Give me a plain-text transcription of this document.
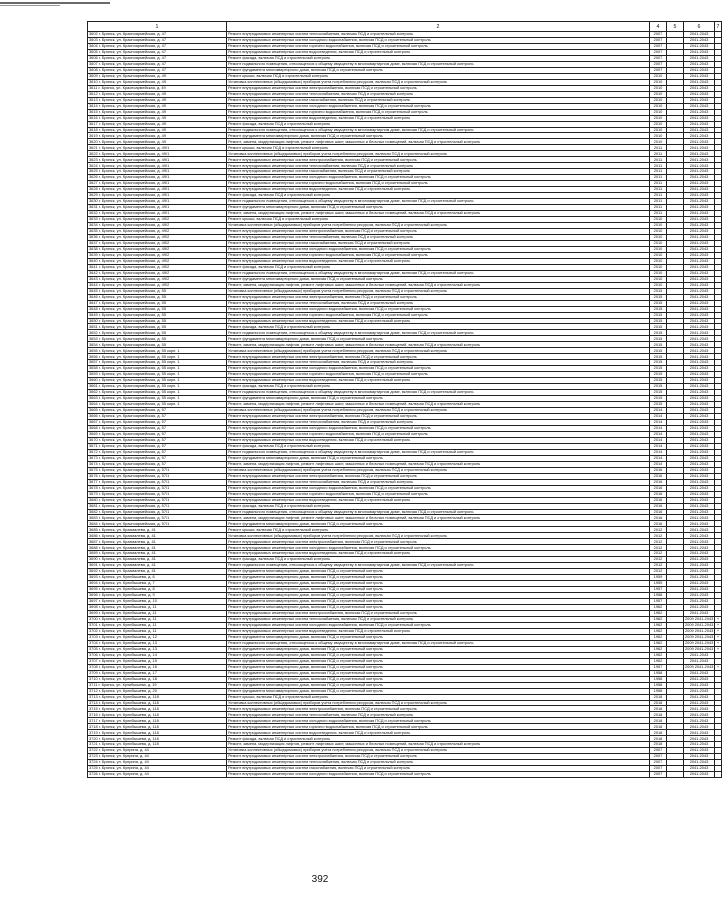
1	2	4	5	6	7
3602 г. Брянск, ул. Красноармейская, д. 47	Ремонт внутридомовых инженерных систем теплоснабжения, включая ПСД и строительный контроль	2007		2041-2043	
3603 г. Брянск, ул. Красноармейская, д. 47	Ремонт внутридомовых инженерных систем холодного водоснабжения, включая ПСД и строительный контроль	2007		2041-2043	
3604 г. Брянск, ул. Красноармейская, д. 47	Ремонт внутридомовых инженерных систем горячего водоснабжения, включая ПСД и строительный контроль	2007		2041-2043	
3605 г. Брянск, ул. Красноармейская, д. 47	Ремонт внутридомовых инженерных систем водоотведения, включая ПСД и строительный контроль	2007		2041-2043	
3606 г. Брянск, ул. Красноармейская, д. 47	Ремонт фасада, включая ПСД и строительный контроль	2007		2041-2043	
3607 г. Брянск, ул. Красноармейская, д. 47	Ремонт подвального помещения, относящегося к общему имуществу в многоквартирном доме, включая ПСД и строительный контроль	2007		2041-2043	
3608 г. Брянск, ул. Красноармейская, д. 47	Ремонт фундамента многоквартирного дома, включая ПСД и строительный контроль	2007		2041-2043	
3609 г. Брянск, ул. Красноармейская, д. 49	Ремонт крыши, включая ПСД и строительный контроль	2010		2041-2043	
3610 г. Брянск, ул. Красноармейская, д. 49	Установка коллективных (общедомовых) приборов учета потребления ресурсов, включая ПСД и строительный контроль	2010		2041-2043	
3611 г. Брянск, ул. Красноармейская, д. 49	Ремонт внутридомовых инженерных систем электроснабжения, включая ПСД и строительный контроль	2010		2041-2043	
3612 г. Брянск, ул. Красноармейская, д. 49	Ремонт внутридомовых инженерных систем теплоснабжения, включая ПСД и строительный контроль	2010		2041-2043	
3613 г. Брянск, ул. Красноармейская, д. 49	Ремонт внутридомовых инженерных систем газоснабжения, включая ПСД и строительный контроль	2010		2041-2043	
3614 г. Брянск, ул. Красноармейская, д. 49	Ремонт внутридомовых инженерных систем холодного водоснабжения, включая ПСД и строительный контроль	2010		2041-2043	
3615 г. Брянск, ул. Красноармейская, д. 49	Ремонт внутридомовых инженерных систем горячего водоснабжения, включая ПСД и строительный контроль	2010		2041-2043	
3616 г. Брянск, ул. Красноармейская, д. 49	Ремонт внутридомовых инженерных систем водоотведения, включая ПСД и строительный контроль	2010		2041-2043	
3617 г. Брянск, ул. Красноармейская, д. 49	Ремонт фасада, включая ПСД и строительный контроль	2010		2041-2043	
3618 г. Брянск, ул. Красноармейская, д. 49	Ремонт подвального помещения, относящегося к общему имуществу в многоквартирном доме, включая ПСД и строительный контроль	2010		2041-2043	
3619 г. Брянск, ул. Красноармейская, д. 49	Ремонт фундамента многоквартирного дома, включая ПСД и строительный контроль	2010		2041-2043	
3620 г. Брянск, ул. Красноармейская, д. 49	Ремонт, замена, модернизация лифтов, ремонт лифтовых шахт, машинных и блочных помещений, включая ПСД и строительный контроль	2010		2041-2043	
3621 г. Брянск, ул. Красноармейская, д. 49/1	Ремонт крыши, включая ПСД и строительный контроль	2011		2041-2043	
3622 г. Брянск, ул. Красноармейская, д. 49/1	Установка коллективных (общедомовых) приборов учета потребления ресурсов, включая ПСД и строительный контроль	2011		2041-2043	
3623 г. Брянск, ул. Красноармейская, д. 49/1	Ремонт внутридомовых инженерных систем электроснабжения, включая ПСД и строительный контроль	2011		2041-2043	
3624 г. Брянск, ул. Красноармейская, д. 49/1	Ремонт внутридомовых инженерных систем теплоснабжения, включая ПСД и строительный контроль	2011		2041-2043	
3625 г. Брянск, ул. Красноармейская, д. 49/1	Ремонт внутридомовых инженерных систем газоснабжения, включая ПСД и строительный контроль	2011		2041-2043	
3626 г. Брянск, ул. Красноармейская, д. 49/1	Ремонт внутридомовых инженерных систем холодного водоснабжения, включая ПСД и строительный контроль	2011		2041-2043	
3627 г. Брянск, ул. Красноармейская, д. 49/1	Ремонт внутридомовых инженерных систем горячего водоснабжения, включая ПСД и строительный контроль	2011		2041-2043	
3628 г. Брянск, ул. Красноармейская, д. 49/1	Ремонт внутридомовых инженерных систем водоотведения, включая ПСД и строительный контроль	2011		2041-2043	
3629 г. Брянск, ул. Красноармейская, д. 49/1	Ремонт фасада, включая ПСД и строительный контроль	2011		2041-2043	
3630 г. Брянск, ул. Красноармейская, д. 49/1	Ремонт подвального помещения, относящегося к общему имуществу в многоквартирном доме, включая ПСД и строительный контроль	2011		2041-2043	
3631 г. Брянск, ул. Красноармейская, д. 49/1	Ремонт фундамента многоквартирного дома, включая ПСД и строительный контроль	2011		2041-2043	
3632 г. Брянск, ул. Красноармейская, д. 49/1	Ремонт, замена, модернизация лифтов, ремонт лифтовых шахт, машинных и блочных помещений, включая ПСД и строительный контроль	2011		2041-2043	
3633 г. Брянск, ул. Красноармейская, д. 49/2	Ремонт крыши, включая ПСД и строительный контроль	2010		2041-2043	
3634 г. Брянск, ул. Красноармейская, д. 49/2	Установка коллективных (общедомовых) приборов учета потребления ресурсов, включая ПСД и строительный контроль	2010		2041-2043	
3635 г. Брянск, ул. Красноармейская, д. 49/2	Ремонт внутридомовых инженерных систем электроснабжения, включая ПСД и строительный контроль	2010		2041-2043	
3636 г. Брянск, ул. Красноармейская, д. 49/2	Ремонт внутридомовых инженерных систем теплоснабжения, включая ПСД и строительный контроль	2010		2041-2043	
3637 г. Брянск, ул. Красноармейская, д. 49/2	Ремонт внутридомовых инженерных систем газоснабжения, включая ПСД и строительный контроль	2010		2041-2043	
3638 г. Брянск, ул. Красноармейская, д. 49/2	Ремонт внутридомовых инженерных систем холодного водоснабжения, включая ПСД и строительный контроль	2010		2041-2043	
3639 г. Брянск, ул. Красноармейская, д. 49/2	Ремонт внутридомовых инженерных систем горячего водоснабжения, включая ПСД и строительный контроль	2010		2041-2043	
3640 г. Брянск, ул. Красноармейская, д. 49/2	Ремонт внутридомовых инженерных систем водоотведения, включая ПСД и строительный контроль	2010		2041-2043	
3641 г. Брянск, ул. Красноармейская, д. 49/2	Ремонт фасада, включая ПСД и строительный контроль	2010		2041-2043	
3642 г. Брянск, ул. Красноармейская, д. 49/2	Ремонт подвального помещения, относящегося к общему имуществу в многоквартирном доме, включая ПСД и строительный контроль	2010		2041-2043	
3643 г. Брянск, ул. Красноармейская, д. 49/2	Ремонт фундамента многоквартирного дома, включая ПСД и строительный контроль	2010		2041-2043	
3644 г. Брянск, ул. Красноармейская, д. 49/2	Ремонт, замена, модернизация лифтов, ремонт лифтовых шахт, машинных и блочных помещений, включая ПСД и строительный контроль	2010		2041-2043	
3645 г. Брянск, ул. Красноармейская, д. 55	Установка коллективных (общедомовых) приборов учета потребления ресурсов, включая ПСД и строительный контроль	2015		2041-2043	
3646 г. Брянск, ул. Красноармейская, д. 55	Ремонт внутридомовых инженерных систем электроснабжения, включая ПСД и строительный контроль	2015		2041-2043	
3647 г. Брянск, ул. Красноармейская, д. 55	Ремонт внутридомовых инженерных систем теплоснабжения, включая ПСД и строительный контроль	2015		2041-2043	
3648 г. Брянск, ул. Красноармейская, д. 55	Ремонт внутридомовых инженерных систем холодного водоснабжения, включая ПСД и строительный контроль	2015		2041-2043	
3649 г. Брянск, ул. Красноармейская, д. 55	Ремонт внутридомовых инженерных систем горячего водоснабжения, включая ПСД и строительный контроль	2015		2041-2043	
3650 г. Брянск, ул. Красноармейская, д. 55	Ремонт внутридомовых инженерных систем водоотведения, включая ПСД и строительный контроль	2015		2041-2043	
3651 г. Брянск, ул. Красноармейская, д. 55	Ремонт фасада, включая ПСД и строительный контроль	2015		2041-2043	
3652 г. Брянск, ул. Красноармейская, д. 55	Ремонт подвального помещения, относящегося к общему имуществу в многоквартирном доме, включая ПСД и строительный контроль	2015		2041-2043	
3653 г. Брянск, ул. Красноармейская, д. 55	Ремонт фундамента многоквартирного дома, включая ПСД и строительный контроль	2015		2041-2043	
3654 г. Брянск, ул. Красноармейская, д. 55	Ремонт, замена, модернизация лифтов, ремонт лифтовых шахт, машинных и блочных помещений, включая ПСД и строительный контроль	2015		2041-2043	
3655 г. Брянск, ул. Красноармейская, д. 55 корп. 1	Установка коллективных (общедомовых) приборов учета потребления ресурсов, включая ПСД и строительный контроль	2015		2041-2043	
3656 г. Брянск, ул. Красноармейская, д. 55 корп. 1	Ремонт внутридомовых инженерных систем электроснабжения, включая ПСД и строительный контроль	2015		2041-2043	
3657 г. Брянск, ул. Красноармейская, д. 55 корп. 1	Ремонт внутридомовых инженерных систем теплоснабжения, включая ПСД и строительный контроль	2015		2041-2043	
3658 г. Брянск, ул. Красноармейская, д. 55 корп. 1	Ремонт внутридомовых инженерных систем холодного водоснабжения, включая ПСД и строительный контроль	2015		2041-2043	
3659 г. Брянск, ул. Красноармейская, д. 55 корп. 1	Ремонт внутридомовых инженерных систем горячего водоснабжения, включая ПСД и строительный контроль	2015		2041-2043	
3660 г. Брянск, ул. Красноармейская, д. 55 корп. 1	Ремонт внутридомовых инженерных систем водоотведения, включая ПСД и строительный контроль	2015		2041-2043	
3661 г. Брянск, ул. Красноармейская, д. 55 корп. 1	Ремонт фасада, включая ПСД и строительный контроль	2015		2041-2043	
3662 г. Брянск, ул. Красноармейская, д. 55 корп. 1	Ремонт подвального помещения, относящегося к общему имуществу в многоквартирном доме, включая ПСД и строительный контроль	2015		2041-2043	
3663 г. Брянск, ул. Красноармейская, д. 55 корп. 1	Ремонт фундамента многоквартирного дома, включая ПСД и строительный контроль	2015		2041-2043	
3664 г. Брянск, ул. Красноармейская, д. 55 корп. 1	Ремонт, замена, модернизация лифтов, ремонт лифтовых шахт, машинных и блочных помещений, включая ПСД и строительный контроль	2015		2041-2043	
3665 г. Брянск, ул. Красноармейская, д. 57	Установка коллективных (общедомовых) приборов учета потребления ресурсов, включая ПСД и строительный контроль	2014		2041-2043	
3666 г. Брянск, ул. Красноармейская, д. 57	Ремонт внутридомовых инженерных систем электроснабжения, включая ПСД и строительный контроль	2014		2041-2043	
3667 г. Брянск, ул. Красноармейская, д. 57	Ремонт внутридомовых инженерных систем теплоснабжения, включая ПСД и строительный контроль	2014		2041-2043	
3668 г. Брянск, ул. Красноармейская, д. 57	Ремонт внутридомовых инженерных систем холодного водоснабжения, включая ПСД и строительный контроль	2014		2041-2043	
3669 г. Брянск, ул. Красноармейская, д. 57	Ремонт внутридомовых инженерных систем горячего водоснабжения, включая ПСД и строительный контроль	2014		2041-2043	
3670 г. Брянск, ул. Красноармейская, д. 57	Ремонт внутридомовых инженерных систем водоотведения, включая ПСД и строительный контроль	2014		2041-2043	
3671 г. Брянск, ул. Красноармейская, д. 57	Ремонт фасада, включая ПСД и строительный контроль	2014		2041-2043	
3672 г. Брянск, ул. Красноармейская, д. 57	Ремонт подвального помещения, относящегося к общему имуществу в многоквартирном доме, включая ПСД и строительный контроль	2014		2041-2043	
3673 г. Брянск, ул. Красноармейская, д. 57	Ремонт фундамента многоквартирного дома, включая ПСД и строительный контроль	2014		2041-2043	
3674 г. Брянск, ул. Красноармейская, д. 57	Ремонт, замена, модернизация лифтов, ремонт лифтовых шахт, машинных и блочных помещений, включая ПСД и строительный контроль	2014		2041-2043	
3675 г. Брянск, ул. Красноармейская, д. 57/1	Установка коллективных (общедомовых) приборов учета потребления ресурсов, включая ПСД и строительный контроль	2016		2041-2043	
3676 г. Брянск, ул. Красноармейская, д. 57/1	Ремонт внутридомовых инженерных систем электроснабжения, включая ПСД и строительный контроль	2016		2041-2043	
3677 г. Брянск, ул. Красноармейская, д. 57/1	Ремонт внутридомовых инженерных систем теплоснабжения, включая ПСД и строительный контроль	2016		2041-2043	
3678 г. Брянск, ул. Красноармейская, д. 57/1	Ремонт внутридомовых инженерных систем холодного водоснабжения, включая ПСД и строительный контроль	2016		2041-2043	
3679 г. Брянск, ул. Красноармейская, д. 57/1	Ремонт внутридомовых инженерных систем горячего водоснабжения, включая ПСД и строительный контроль	2016		2041-2043	
3680 г. Брянск, ул. Красноармейская, д. 57/1	Ремонт внутридомовых инженерных систем водоотведения, включая ПСД и строительный контроль	2016		2041-2043	
3681 г. Брянск, ул. Красноармейская, д. 57/1	Ремонт фасада, включая ПСД и строительный контроль	2016		2041-2043	
3682 г. Брянск, ул. Красноармейская, д. 57/1	Ремонт подвального помещения, относящегося к общему имуществу в многоквартирном доме, включая ПСД и строительный контроль	2016		2041-2043	
3683 г. Брянск, ул. Красноармейская, д. 57/1	Ремонт, замена, модернизация лифтов, ремонт лифтовых шахт, машинных и блочных помещений, включая ПСД и строительный контроль	2016		2041-2043	
3684 г. Брянск, ул. Красноармейская, д. 57/1	Ремонт фундамента многоквартирного дома, включая ПСД и строительный контроль	2016		2041-2043	
3685 г. Брянск, ул. Крахмалева, д. 41	Ремонт крыши, включая ПСД и строительный контроль	2012		2041-2043	
3686 г. Брянск, ул. Крахмалева, д. 41	Установка коллективных (общедомовых) приборов учета потребления ресурсов, включая ПСД и строительный контроль	2012		2041-2043	
3687 г. Брянск, ул. Крахмалева, д. 41	Ремонт внутридомовых инженерных систем электроснабжения, включая ПСД и строительный контроль	2012		2041-2043	
3688 г. Брянск, ул. Крахмалева, д. 41	Ремонт внутридомовых инженерных систем холодного водоснабжения, включая ПСД и строительный контроль	2012		2041-2043	
3689 г. Брянск, ул. Крахмалева, д. 41	Ремонт внутридомовых инженерных систем водоотведения, включая ПСД и строительный контроль	2012		2041-2043	
3690 г. Брянск, ул. Крахмалева, д. 41	Ремонт фасада, включая ПСД и строительный контроль	2012		2041-2043	
3691 г. Брянск, ул. Крахмалева, д. 41	Ремонт подвального помещения, относящегося к общему имуществу в многоквартирном доме, включая ПСД и строительный контроль	2012		2041-2043	
3692 г. Брянск, ул. Крахмалева, д. 41	Ремонт фундамента многоквартирного дома, включая ПСД и строительный контроль	2012		2041-2043	
3693 г. Брянск, ул. Кулибышева, д. 6	Ремонт фундамента многоквартирного дома, включая ПСД и строительный контроль	1959		2041-2043	
3694 г. Брянск, ул. Кулибышева, д. 7	Ремонт фундамента многоквартирного дома, включая ПСД и строительный контроль	1959		2041-2043	
3695 г. Брянск, ул. Кулибышева, д. 8	Ремонт фундамента многоквартирного дома, включая ПСД и строительный контроль	1957		2041-2043	
3696 г. Брянск, ул. Кулибышева, д. 9	Ремонт фундамента многоквартирного дома, включая ПСД и строительный контроль	1958		2041-2043	
3697 г. Брянск, ул. Кулибышева, д. 10	Ремонт фундамента многоквартирного дома, включая ПСД и строительный контроль	1957		2041-2043	
3698 г. Брянск, ул. Кулибышева, д. 11	Ремонт фундамента многоквартирного дома, включая ПСД и строительный контроль	1962		2041-2043	
3699 г. Брянск, ул. Кулибышева, д. 11	Ремонт внутридомовых инженерных систем электроснабжения, включая ПСД и строительный контроль	1962		2041-2043	
3700 г. Брянск, ул. Кулибышева, д. 11	Ремонт внутридомовых инженерных систем теплоснабжения, включая ПСД и строительный контроль	1962		2009 2041-2043	+
3701 г. Брянск, ул. Кулибышева, д. 11	Ремонт внутридомовых инженерных систем холодного водоснабжения, включая ПСД и строительный контроль	1962		2009 2041-2043	+
3702 г. Брянск, ул. Кулибышева, д. 11	Ремонт внутридомовых инженерных систем водоотведения, включая ПСД и строительный контроль	1962		2009 2041-2043	+
3703 г. Брянск, ул. Кулибышева, д. 12	Ремонт фундамента многоквартирного дома, включая ПСД и строительный контроль	1962		2009 2041-2043	+
3704 г. Брянск, ул. Кулибышева, д. 13	Ремонт подвального помещения, относящегося к общему имуществу в многоквартирном доме, включая ПСД и строительный контроль	1962		2009 2041-2043	+
3705 г. Брянск, ул. Кулибышева, д. 13	Ремонт фундамента многоквартирного дома, включая ПСД и строительный контроль	1962		2009 2041-2043	+
3706 г. Брянск, ул. Кулибышева, д. 14	Ремонт фундамента многоквартирного дома, включая ПСД и строительный контроль	1962		2041-2043	
3707 г. Брянск, ул. Кулибышева, д. 15	Ремонт фундамента многоквартирного дома, включая ПСД и строительный контроль	1962		2041-2043	
3708 г. Брянск, ул. Кулибышева, д. 16	Ремонт фундамента многоквартирного дома, включая ПСД и строительный контроль	1957		2009 2041-2043	+
3709 г. Брянск, ул. Кулибышева, д. 17	Ремонт фундамента многоквартирного дома, включая ПСД и строительный контроль	1958		2041-2043	
3710 г. Брянск, ул. Кулибышева, д. 18	Ремонт фундамента многоквартирного дома, включая ПСД и строительный контроль	1958		2041-2043	
3711 г. Брянск, ул. Кулибышева, д. 19	Ремонт фундамента многоквартирного дома, включая ПСД и строительный контроль	1958		2041-2043	
3712 г. Брянск, ул. Кулибышева, д. 20	Ремонт фундамента многоквартирного дома, включая ПСД и строительный контроль	1958		2041-2043	
3713 г. Брянск, ул. Кулибышева, д. 118	Ремонт крыши, включая ПСД и строительный контроль	2018		2041-2043	
3714 г. Брянск, ул. Кулибышева, д. 118	Установка коллективных (общедомовых) приборов учета потребления ресурсов, включая ПСД и строительный контроль	2018		2041-2043	
3715 г. Брянск, ул. Кулибышева, д. 118	Ремонт внутридомовых инженерных систем электроснабжения, включая ПСД и строительный контроль	2018		2041-2043	
3716 г. Брянск, ул. Кулибышева, д. 118	Ремонт внутридомовых инженерных систем теплоснабжения, включая ПСД и строительный контроль	2018		2041-2043	
3717 г. Брянск, ул. Кулибышева, д. 118	Ремонт внутридомовых инженерных систем холодного водоснабжения, включая ПСД и строительный контроль	2018		2041-2043	
3718 г. Брянск, ул. Кулибышева, д. 118	Ремонт внутридомовых инженерных систем горячего водоснабжения, включая ПСД и строительный контроль	2018		2041-2043	
3719 г. Брянск, ул. Кулибышева, д. 118	Ремонт внутридомовых инженерных систем водоотведения, включая ПСД и строительный контроль	2018		2041-2043	
3720 г. Брянск, ул. Кулибышева, д. 118	Ремонт фасада, включая ПСД и строительный контроль	2018		2041-2043	
3721 г. Брянск, ул. Кулибышева, д. 118	Ремонт, замена, модернизация лифтов, ремонт лифтовых шахт, машинных и блочных помещений, включая ПСД и строительный контроль	2018		2041-2043	
3722 г. Брянск, ул. Куприна, д. 44	Установка коллективных (общедомовых) приборов учета потребления ресурсов, включая ПСД и строительный контроль	2007		2041-2043	
3723 г. Брянск, ул. Куприна, д. 44	Ремонт внутридомовых инженерных систем электроснабжения, включая ПСД и строительный контроль	2007		2041-2043	
3724 г. Брянск, ул. Куприна, д. 44	Ремонт внутридомовых инженерных систем теплоснабжения, включая ПСД и строительный контроль	2007		2041-2043	
3725 г. Брянск, ул. Куприна, д. 44	Ремонт внутридомовых инженерных систем газоснабжения, включая ПСД и строительный контроль	2007		2041-2043	
3726 г. Брянск, ул. Куприна, д. 44	Ремонт внутридомовых инженерных систем холодного водоснабжения, включая ПСД и строительный контроль	2007		2041-2043	
392
